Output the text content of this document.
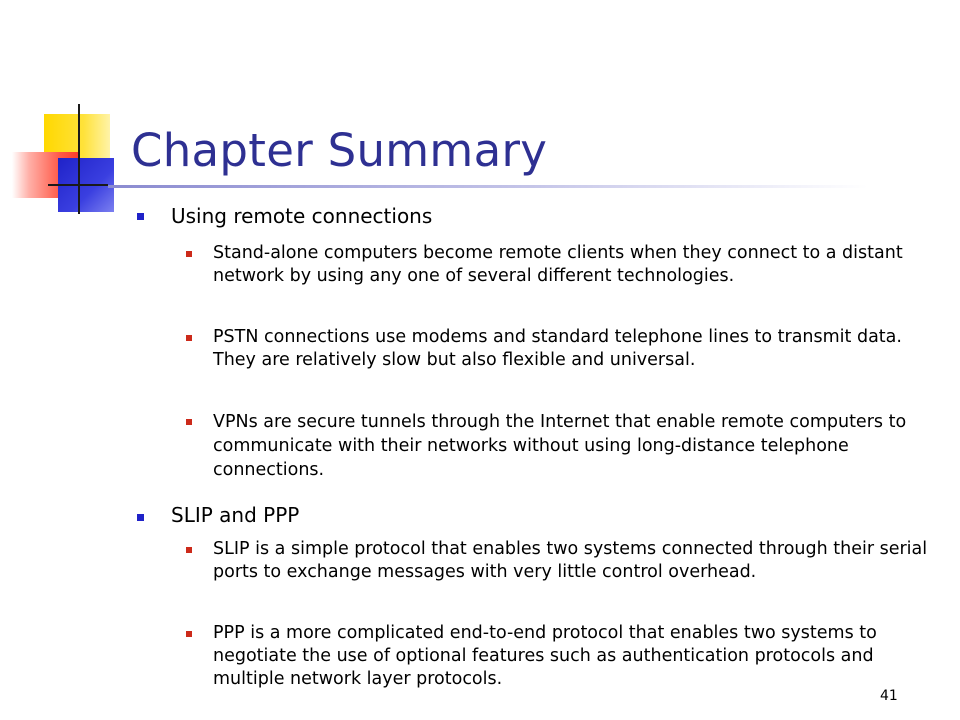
Chapter Summary
Using remote connections
Stand-alone computers become remote clients when they connect to a distant network by using any one of several different technologies.
PSTN connections use modems and standard telephone lines to transmit data. They are relatively slow but also flexible and universal.
VPNs are secure tunnels through the Internet that enable remote computers to communicate with their networks without using long-distance telephone connections.
SLIP and PPP
SLIP is a simple protocol that enables two systems connected through their serial ports to exchange messages with very little control overhead.
PPP is a more complicated end-to-end protocol that enables two systems to negotiate the use of optional features such as authentication protocols and multiple network layer protocols.
41
